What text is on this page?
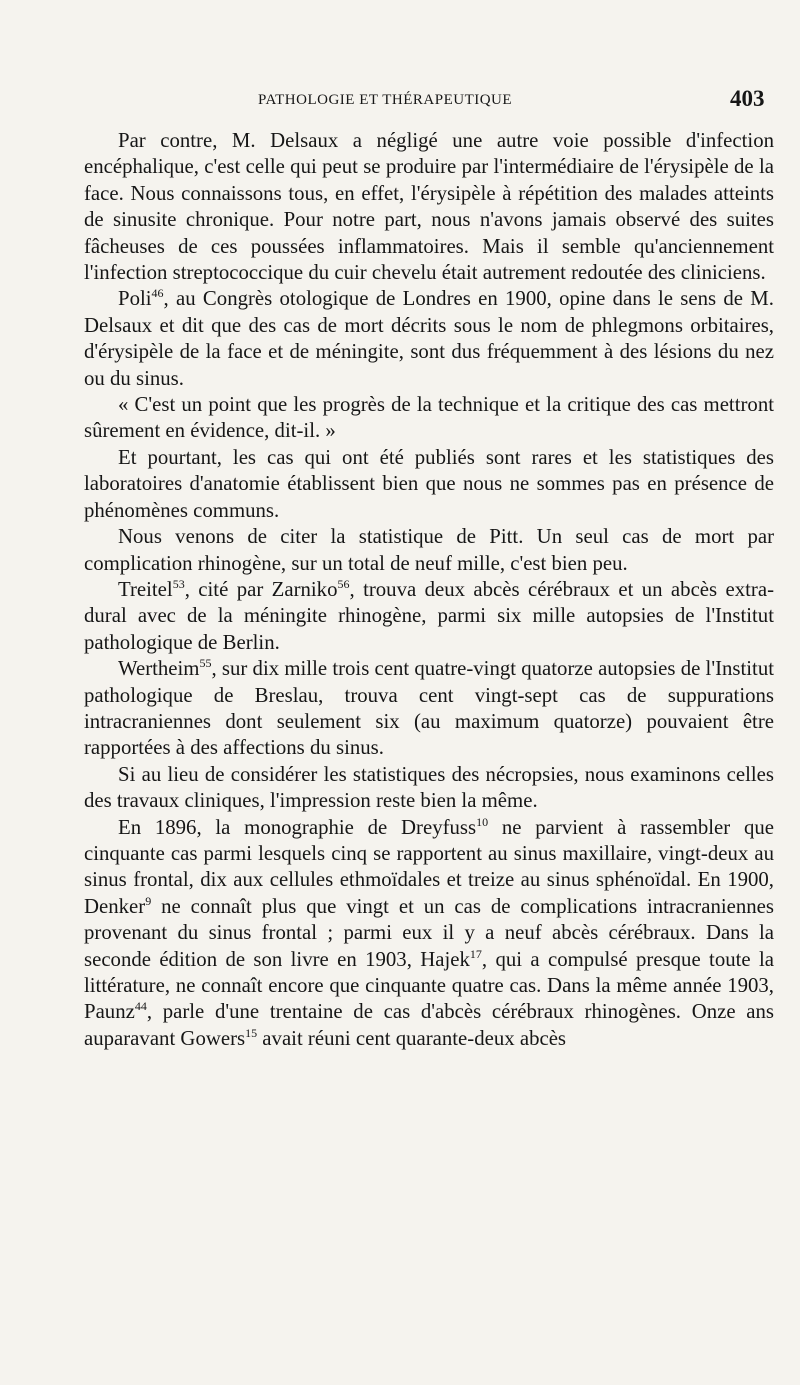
PATHOLOGIE ET THÉRAPEUTIQUE	403

Par contre, M. Delsaux a négligé une autre voie possible d'infection encéphalique, c'est celle qui peut se produire par l'intermédiaire de l'érysipèle de la face. Nous connaissons tous, en effet, l'érysipèle à répétition des malades atteints de sinusite chronique. Pour notre part, nous n'avons jamais observé des suites fâcheuses de ces poussées inflammatoires. Mais il semble qu'anciennement l'infection streptococcique du cuir chevelu était autrement redoutée des cliniciens.

Poli$^{46}$, au Congrès otologique de Londres en 1900, opine dans le sens de M. Delsaux et dit que des cas de mort décrits sous le nom de phlegmons orbitaires, d'érysipèle de la face et de méningite, sont dus fréquemment à des lésions du nez ou du sinus.

« C'est un point que les progrès de la technique et la critique des cas mettront sûrement en évidence, dit-il. »

Et pourtant, les cas qui ont été publiés sont rares et les statistiques des laboratoires d'anatomie établissent bien que nous ne sommes pas en présence de phénomènes communs.

Nous venons de citer la statistique de Pitt. Un seul cas de mort par complication rhinogène, sur un total de neuf mille, c'est bien peu.

Treitel$^{53}$, cité par Zarniko$^{56}$, trouva deux abcès cérébraux et un abcès extra-dural avec de la méningite rhinogène, parmi six mille autopsies de l'Institut pathologique de Berlin.

Wertheim$^{55}$, sur dix mille trois cent quatre-vingt quatorze autopsies de l'Institut pathologique de Breslau, trouva cent vingt-sept cas de suppurations intracraniennes dont seulement six (au maximum quatorze) pouvaient être rapportées à des affections du sinus.

Si au lieu de considérer les statistiques des nécropsies, nous examinons celles des travaux cliniques, l'impression reste bien la même.

En 1896, la monographie de Dreyfuss$^{10}$ ne parvient à rassembler que cinquante cas parmi lesquels cinq se rapportent au sinus maxillaire, vingt-deux au sinus frontal, dix aux cellules ethmoïdales et treize au sinus sphénoïdal. En 1900, Denker$^9$ ne connaît plus que vingt et un cas de complications intracraniennes provenant du sinus frontal ; parmi eux il y a neuf abcès cérébraux. Dans la seconde édition de son livre en 1903, Hajek$^{17}$, qui a compulsé presque toute la littérature, ne connaît encore que cinquante quatre cas. Dans la même année 1903, Paunz$^{44}$, parle d'une trentaine de cas d'abcès cérébraux rhinogènes. Onze ans auparavant Gowers$^{15}$ avait réuni cent quarante-deux abcès
